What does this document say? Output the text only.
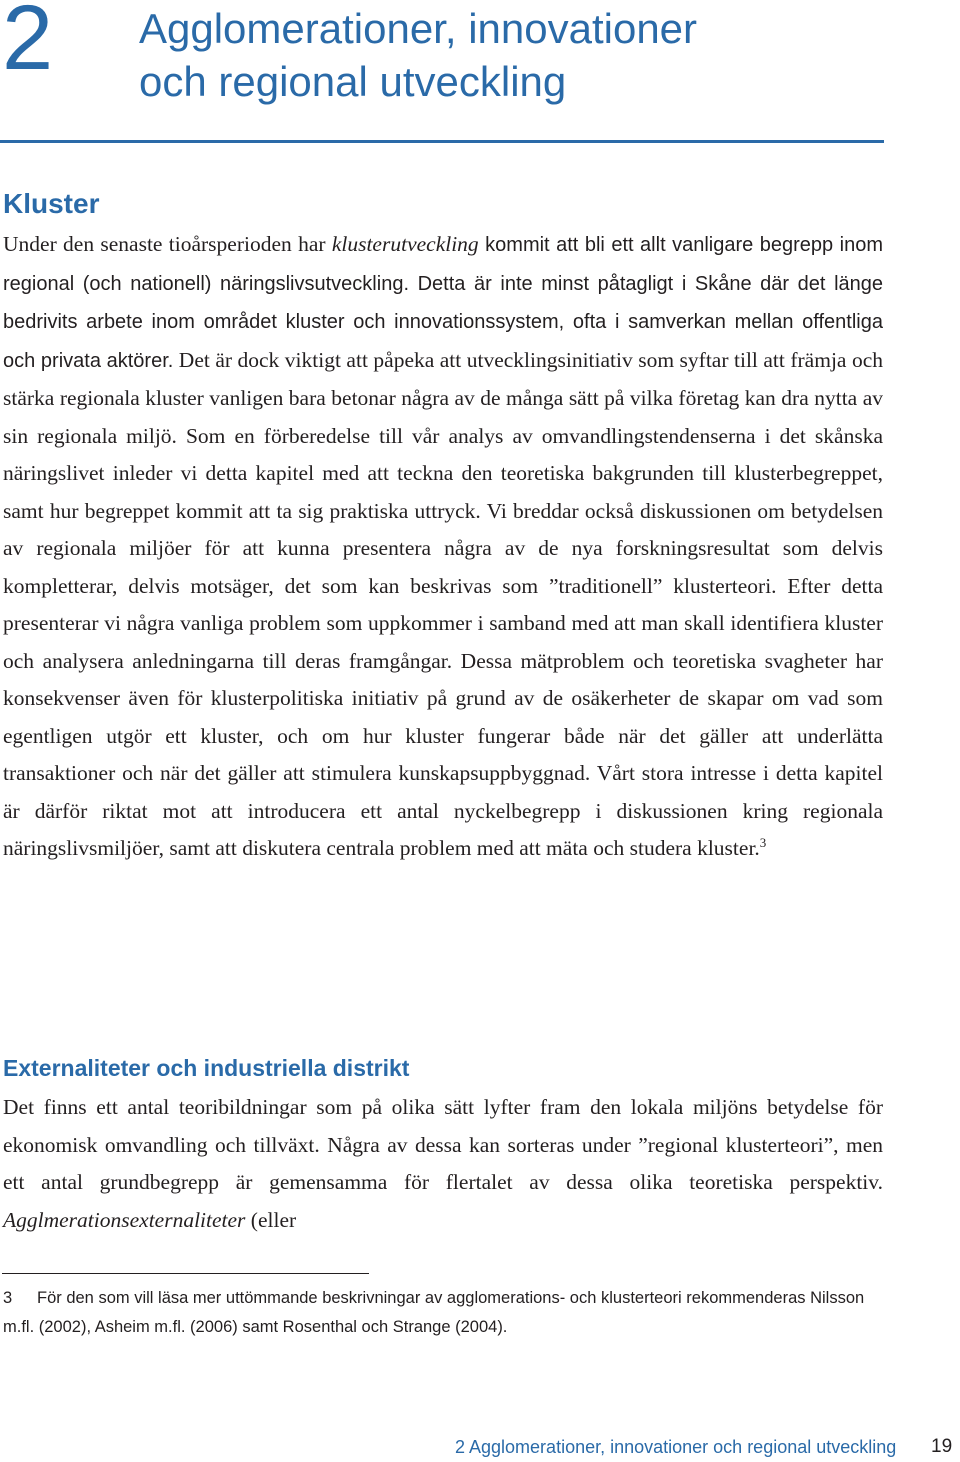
2 Agglomerationer, innovationer
och regional utveckling
Kluster

Under den senaste tioårsperioden har klusterutveckling kommit att bli ett allt vanligare begrepp inom regional (och nationell) näringslivsutveckling. Detta är inte minst påtagligt i Skåne där det länge bedrivits arbete inom området kluster och innovationssystem, ofta i samverkan mellan offentliga och privata aktörer. Det är dock viktigt att påpeka att utvecklingsinitiativ som syftar till att främja och stärka regionala kluster vanligen bara betonar några av de många sätt på vilka företag kan dra nytta av sin regionala miljö. Som en förberedelse till vår analys av omvandlingstendenserna i det skånska näringslivet inleder vi detta kapitel med att teckna den teoretiska bakgrunden till klusterbegreppet, samt hur begreppet kommit att ta sig praktiska uttryck. Vi breddar också diskussionen om betydelsen av regionala miljöer för att kunna presentera några av de nya forskningsresultat som delvis kompletterar, delvis motsäger, det som kan beskrivas som ”traditionell” klusterteori. Efter detta presenterar vi några vanliga problem som uppkommer i samband med att man skall identifiera kluster och analysera anledningarna till deras framgångar. Dessa mätproblem och teoretiska svagheter har konsekvenser även för klusterpolitiska initiativ på grund av de osäkerheter de skapar om vad som egentligen utgör ett kluster, och om hur kluster fungerar både när det gäller att underlätta transaktioner och när det gäller att stimulera kunskapsuppbyggnad. Vårt stora intresse i detta kapitel är därför riktat mot att introducera ett antal nyckelbegrepp i diskussionen kring regionala näringslivsmiljöer, samt att diskutera centrala problem med att mäta och studera kluster.$^3$

Externaliteter och industriella distrikt

Det finns ett antal teoribildningar som på olika sätt lyfter fram den lokala miljöns betydelse för ekonomisk omvandling och tillväxt. Några av dessa kan sorteras under ”regional klusterteori”, men ett antal grundbegrepp är gemensamma för flertalet av dessa olika teoretiska perspektiv. Agglmerationsexternaliteter (eller

3 För den som vill läsa mer uttömmande beskrivningar av agglomerations- och klusterteori rekommenderas Nilsson m.fl. (2002), Asheim m.fl. (2006) samt Rosenthal och Strange (2004).

2 Agglomerationer, innovationer och regional utveckling 19
